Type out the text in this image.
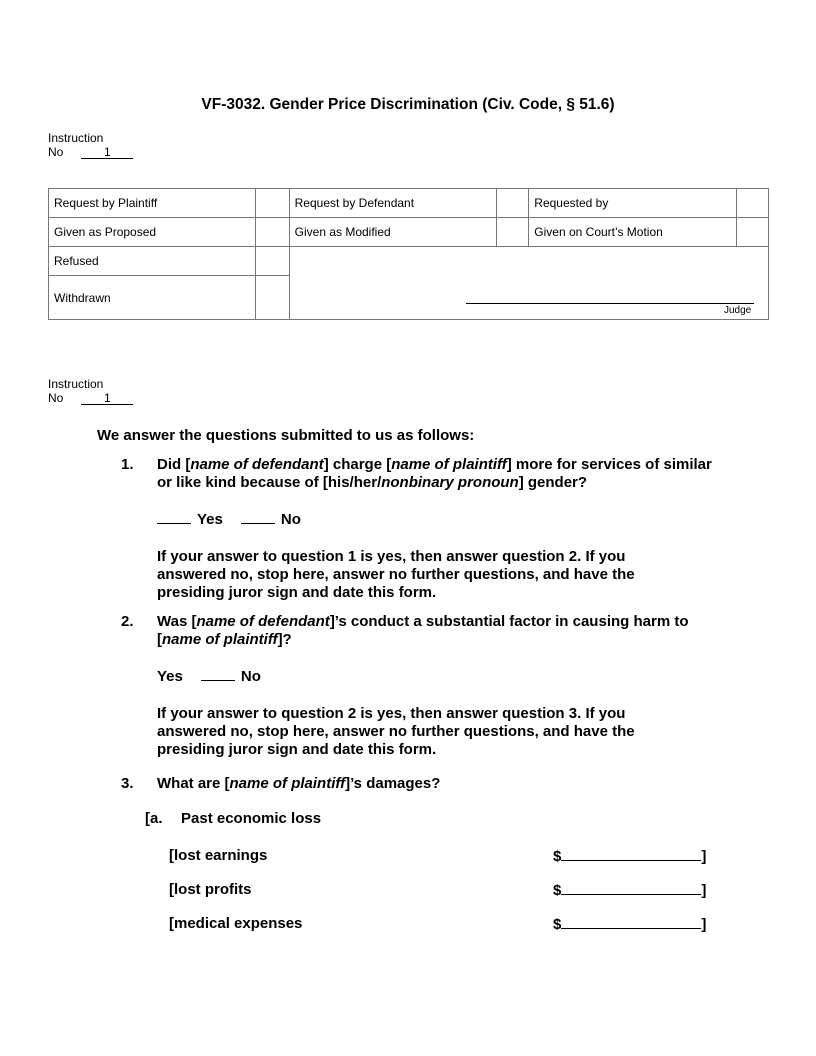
VF-3032. Gender Price Discrimination (Civ. Code, § 51.6)
Instruction
No	1
Request by Plaintiff		Request by Defendant		Requested by	
Given as Proposed		Given as Modified		Given on Court’s Motion	
Refused					
Withdrawn					
Judge
Instruction
No	1
We answer the questions submitted to us as follows:
1. Did [name of defendant] charge [name of plaintiff] more for services of similar or like kind because of [his/her/nonbinary pronoun] gender?
Yes	No
If your answer to question 1 is yes, then answer question 2. If you answered no, stop here, answer no further questions, and have the presiding juror sign and date this form.
2. Was [name of defendant]’s conduct a substantial factor in causing harm to [name of plaintiff]?
Yes	No
If your answer to question 2 is yes, then answer question 3. If you answered no, stop here, answer no further questions, and have the presiding juror sign and date this form.
3. What are [name of plaintiff]’s damages?
[a. Past economic loss
[lost earnings	$	]
[lost profits	$	]
[medical expenses	$	]
